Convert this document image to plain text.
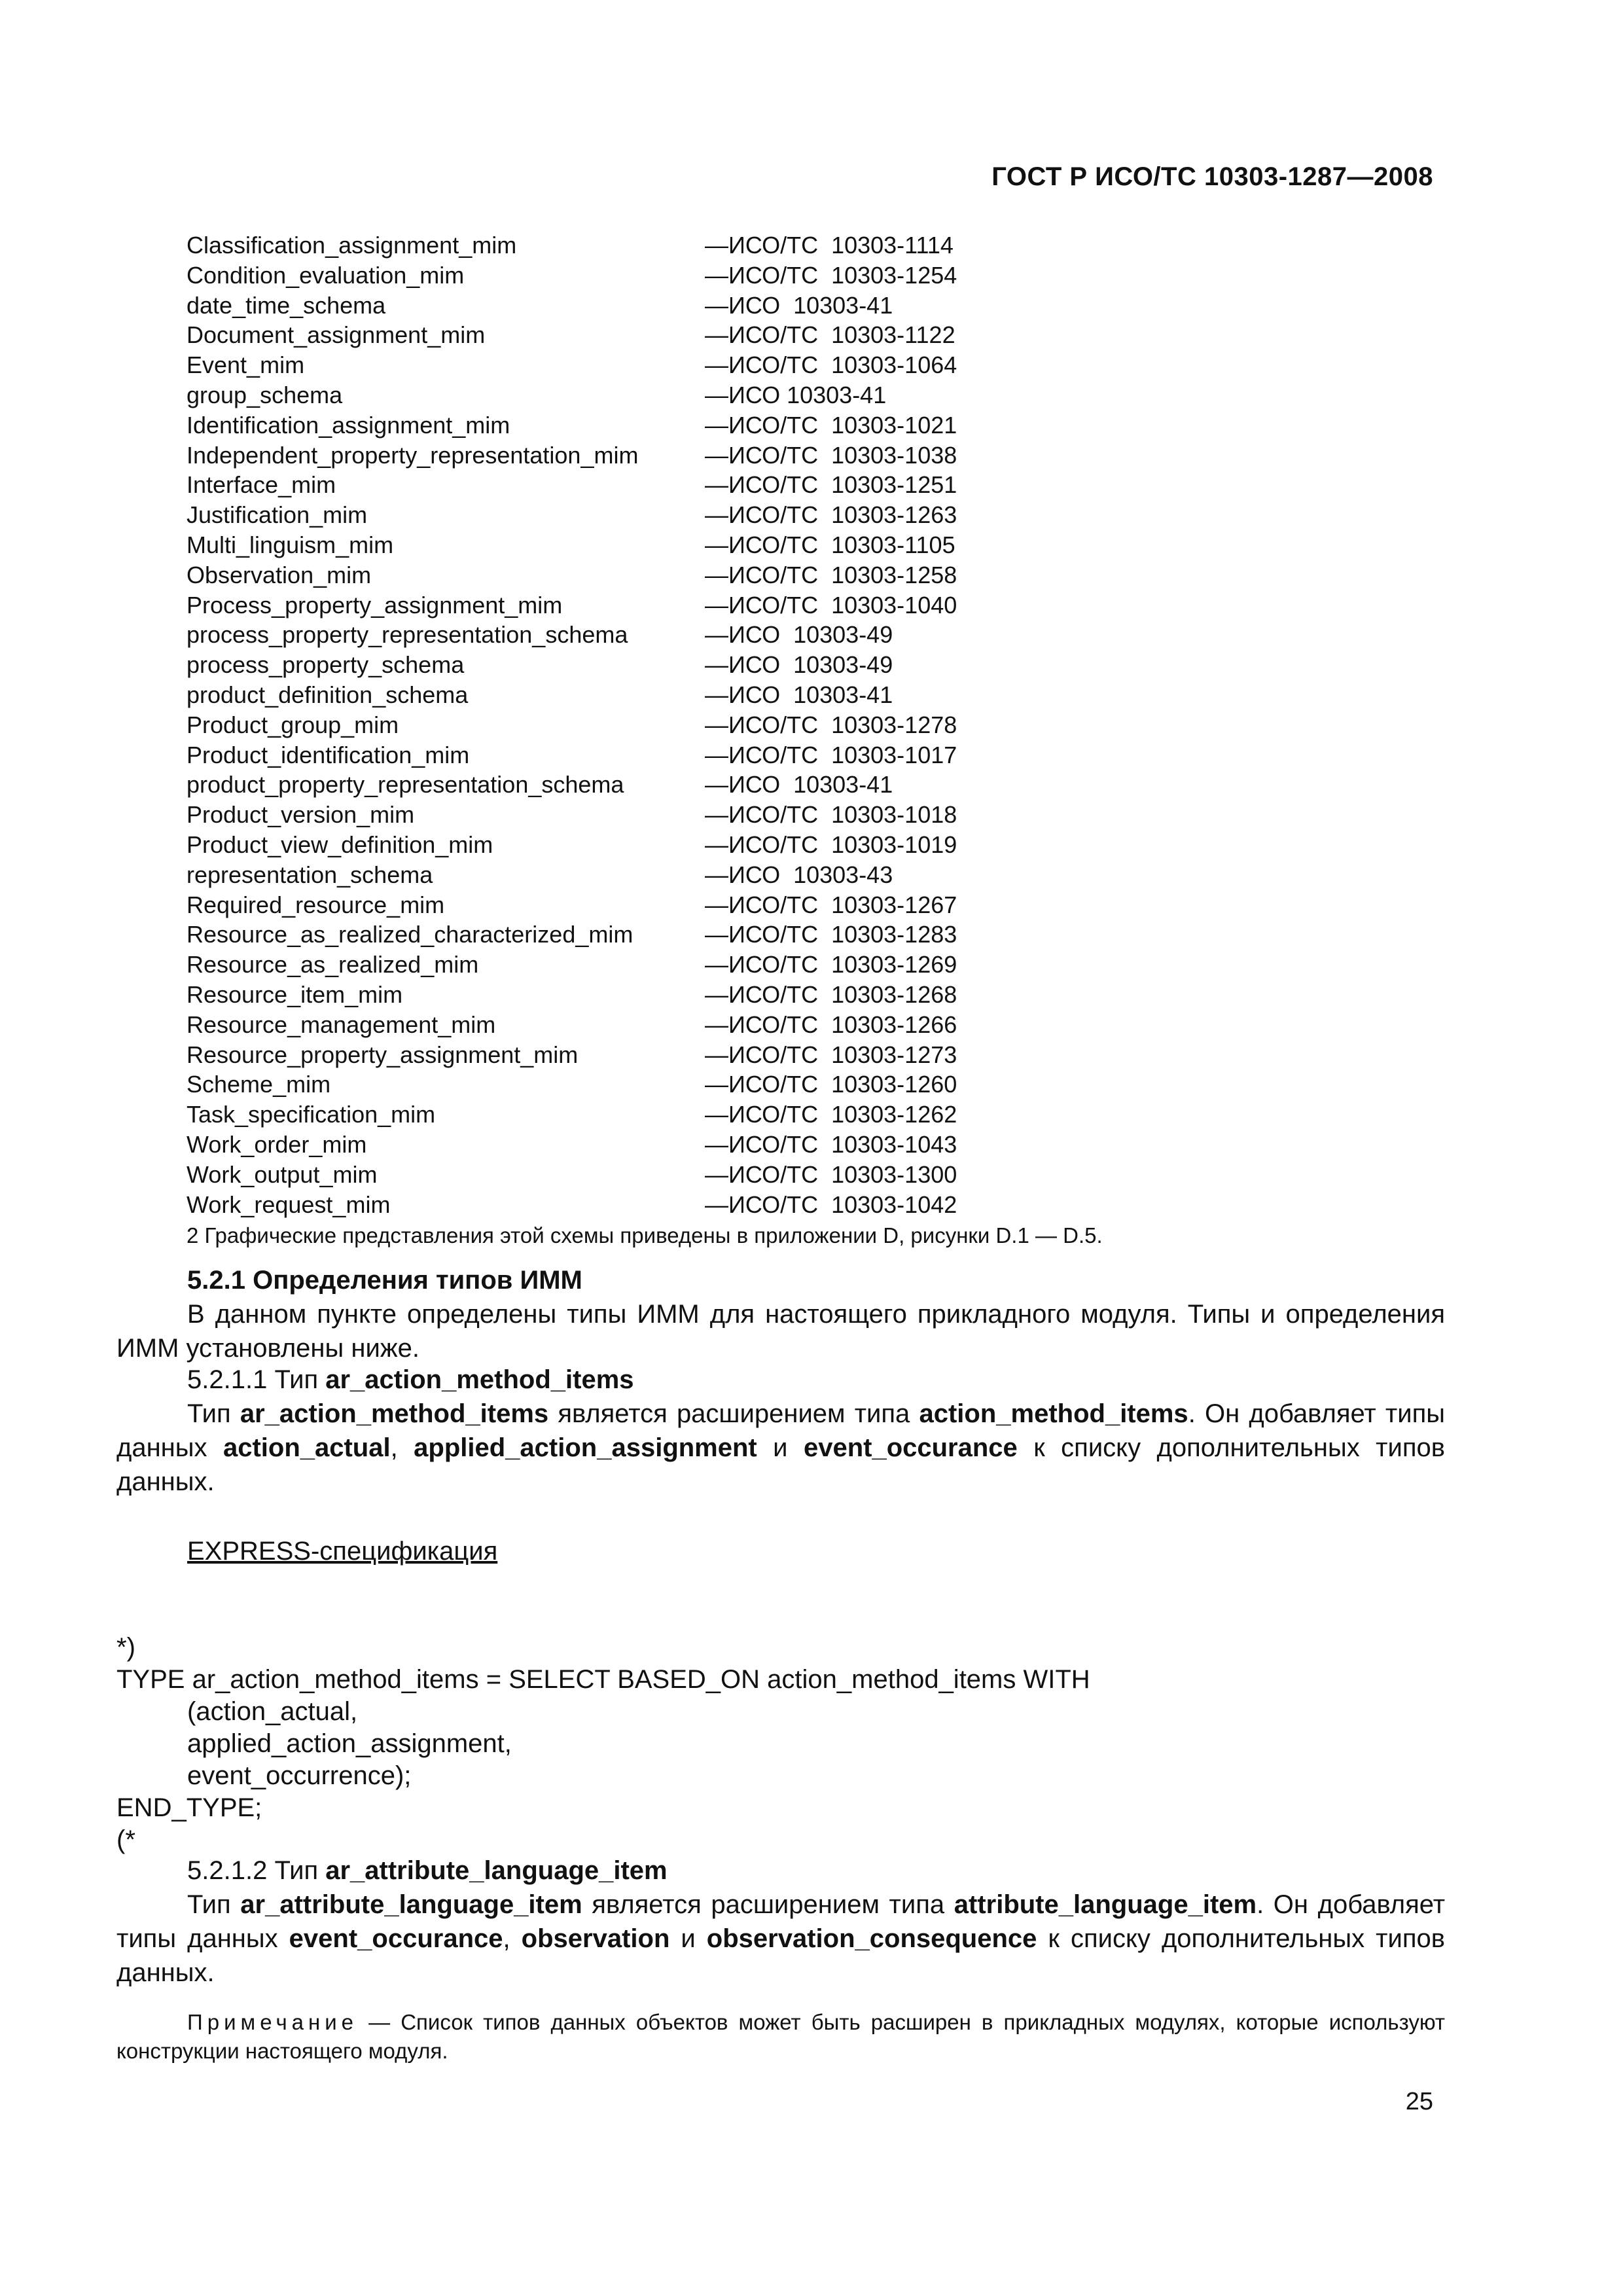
ГОСТ Р ИСО/ТС 10303-1287—2008
Classification_assignment_mim	—ИСО/ТС  10303-1114
Condition_evaluation_mim	—ИСО/ТС  10303-1254
date_time_schema	—ИСО  10303-41
Document_assignment_mim	—ИСО/ТС  10303-1122
Event_mim	—ИСО/ТС  10303-1064
group_schema	—ИСО 10303-41
Identification_assignment_mim	—ИСО/ТС  10303-1021
Independent_property_representation_mim	—ИСО/ТС  10303-1038
Interface_mim	—ИСО/ТС  10303-1251
Justification_mim	—ИСО/ТС  10303-1263
Multi_linguism_mim	—ИСО/ТС  10303-1105
Observation_mim	—ИСО/ТС  10303-1258
Process_property_assignment_mim	—ИСО/ТС  10303-1040
process_property_representation_schema	—ИСО  10303-49
process_property_schema	—ИСО  10303-49
product_definition_schema	—ИСО  10303-41
Product_group_mim	—ИСО/ТС  10303-1278
Product_identification_mim	—ИСО/ТС  10303-1017
product_property_representation_schema	—ИСО  10303-41
Product_version_mim	—ИСО/ТС  10303-1018
Product_view_definition_mim	—ИСО/ТС  10303-1019
representation_schema	—ИСО  10303-43
Required_resource_mim	—ИСО/ТС  10303-1267
Resource_as_realized_characterized_mim	—ИСО/ТС  10303-1283
Resource_as_realized_mim	—ИСО/ТС  10303-1269
Resource_item_mim	—ИСО/ТС  10303-1268
Resource_management_mim	—ИСО/ТС  10303-1266
Resource_property_assignment_mim	—ИСО/ТС  10303-1273
Scheme_mim	—ИСО/ТС  10303-1260
Task_specification_mim	—ИСО/ТС  10303-1262
Work_order_mim	—ИСО/ТС  10303-1043
Work_output_mim	—ИСО/ТС  10303-1300
Work_request_mim	—ИСО/ТС  10303-1042
2 Графические представления этой схемы приведены в приложении D, рисунки D.1 — D.5.
5.2.1 Определения типов ИММ
В данном пункте определены типы ИММ для настоящего прикладного модуля. Типы и определения ИММ установлены ниже.
5.2.1.1 Тип ar_action_method_items
Тип ar_action_method_items является расширением типа action_method_items. Он добавляет типы данных action_actual, applied_action_assignment и event_occurance к списку дополнительных типов данных.
EXPRESS-спецификация

*)
TYPE ar_action_method_items = SELECT BASED_ON action_method_items WITH
(action_actual,
applied_action_assignment,
event_occurrence);
END_TYPE;
(*

5.2.1.2 Тип ar_attribute_language_item
Тип ar_attribute_language_item является расширением типа attribute_language_item. Он добавляет типы данных event_occurance, observation и observation_consequence к списку дополнительных типов данных.
Примечание — Список типов данных объектов может быть расширен в прикладных модулях, которые используют конструкции настоящего модуля.
25
